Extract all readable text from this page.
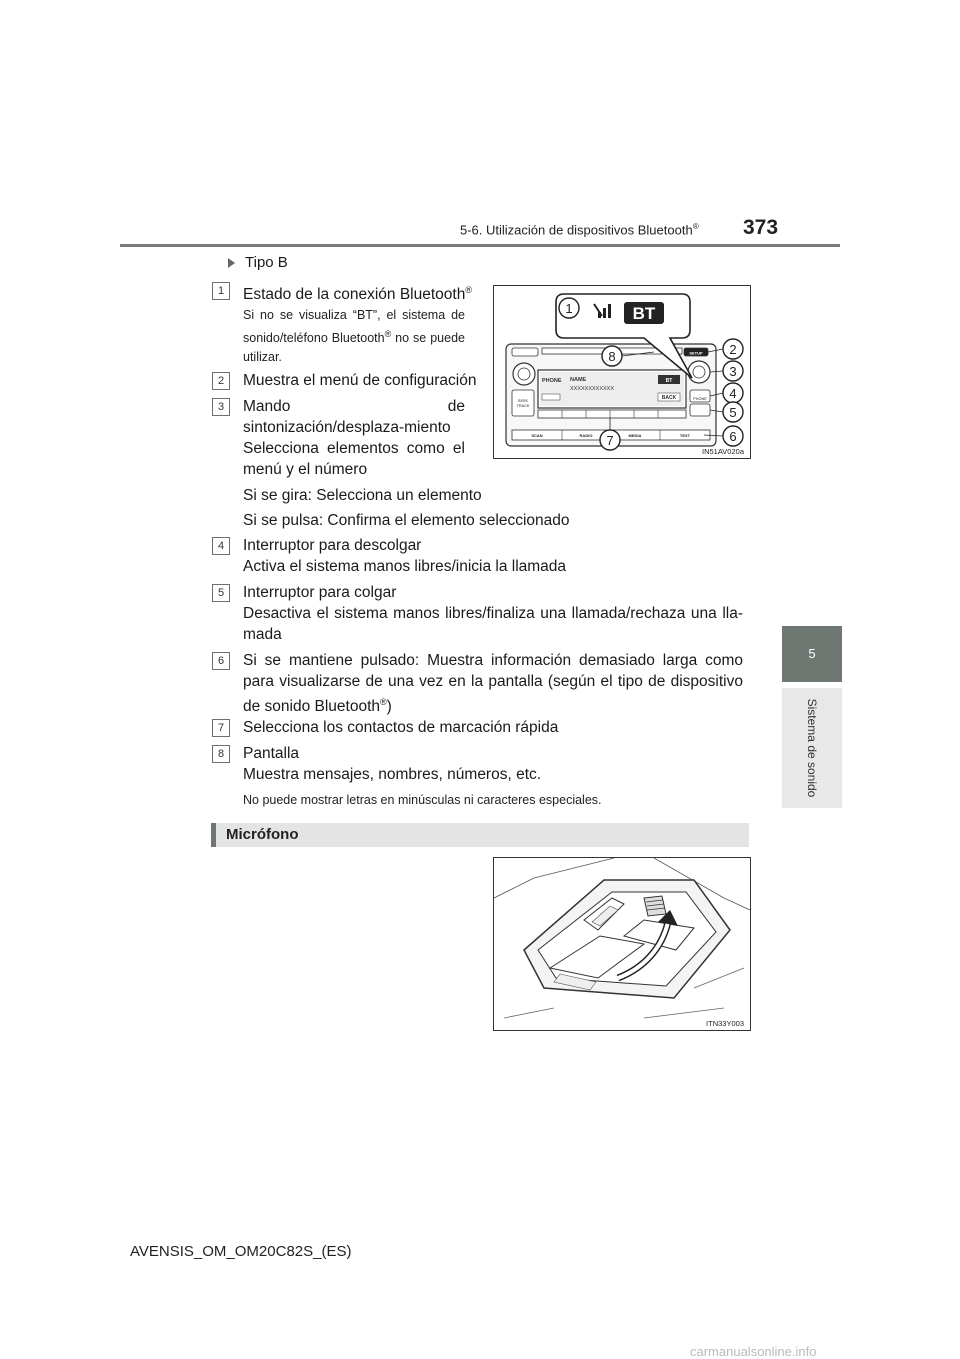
5-6. Utilización de dispositivos Bluetooth® 373
5
Sistema de sonido
Tipo B
1	Estado de la conexión Bluetooth®
Si no se visualiza “BT”, el sistema de sonido/teléfono Bluetooth® no se puede utilizar.
2	Muestra el menú de configuración
3	Mando de sintonización/desplaza-miento
Selecciona elementos como el menú y el número
Si se gira: Selecciona un elemento
Si se pulsa: Confirma el elemento seleccionado
4	Interruptor para descolgar
Activa el sistema manos libres/inicia la llamada
5	Interruptor para colgar
Desactiva el sistema manos libres/finaliza una llamada/rechaza una lla-mada
6	Si se mantiene pulsado: Muestra información demasiado larga como para visualizarse de una vez en la pantalla (según el tipo de dispositivo de sonido Bluetooth®)
7	Selecciona los contactos de marcación rápida
8	Pantalla
Muestra mensajes, nombres, números, etc.
No puede mostrar letras en minúsculas ni caracteres especiales.
Micrófono
SETUP
PHONE NAME
XXXXXXXXXXXX
BT
BACK
SEEK
TRACK
PHONE
SCAN	RADIO	MEDIA	TEXT
BT
1
8	2
3
4
5
6
7
IN51AV020a
ITN33Y003
AVENSIS_OM_OM20C82S_(ES)
carmanualsonline.info
